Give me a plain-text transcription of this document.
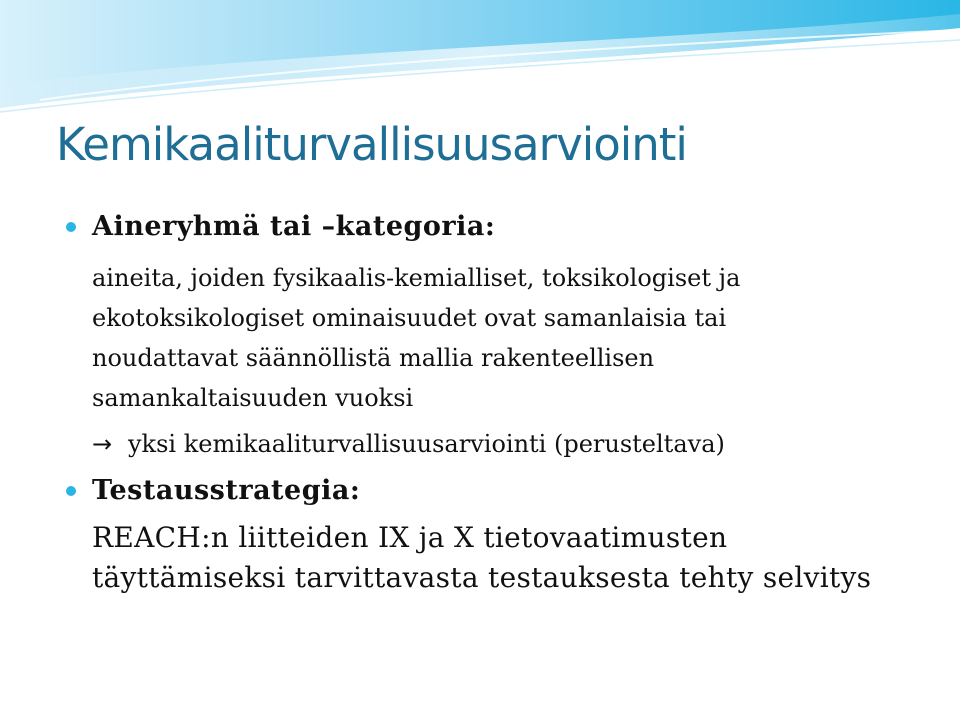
Kemikaaliturvallisuusarviointi
Aineryhmä tai –kategoria:
aineita, joiden fysikaalis-kemialliset, toksikologiset ja
ekotoksikologiset ominaisuudet ovat samanlaisia tai
noudattavat säännöllistä mallia rakenteellisen
samankaltaisuuden vuoksi
→ yksi kemikaaliturvallisuusarviointi (perusteltava)
Testausstrategia:
REACH:n liitteiden IX ja X tietovaatimusten
täyttämiseksi tarvittavasta testauksesta tehty selvitys
